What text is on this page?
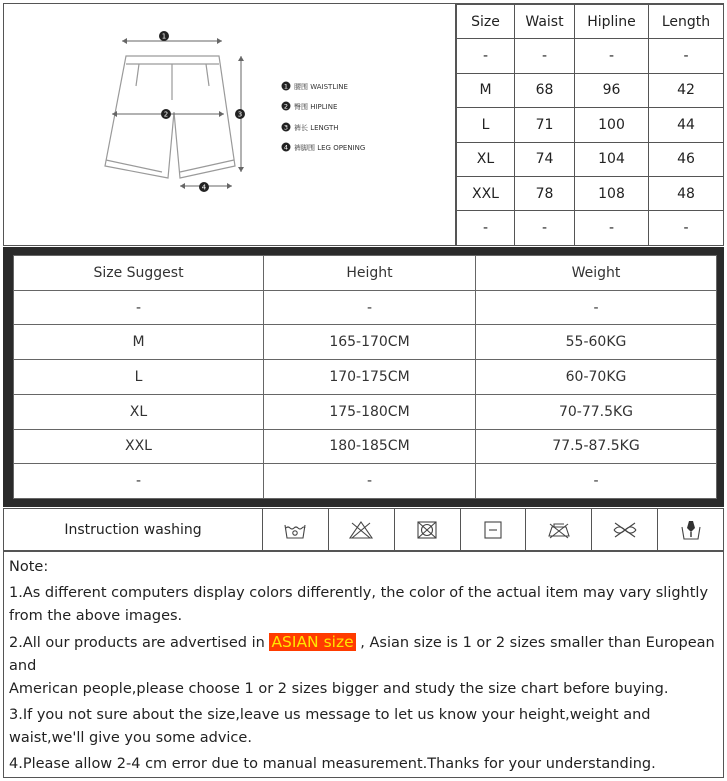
1
2	3
4
1 腰围 WAISTLINE
2 臀围 HIPLINE
3 裤长 LENGTH
4 裤脚围 LEG OPENING
Size	Waist	Hipline	Length
-	-	-	-
M	68	96	42
L	71	100	44
XL	74	104	46
XXL	78	108	48
-	-	-	-
Size Suggest	Height	Weight
-	-	-
M	165-170CM	55-60KG
L	170-175CM	60-70KG
XL	175-180CM	70-77.5KG
XXL	180-185CM	77.5-87.5KG
-	-	-
Instruction washing

Note:

1.As different computers display colors differently, the color of the actual item may vary slightly from the above images.

2.All our products are advertised in ASIAN size , Asian size is 1 or 2 sizes smaller than European and

American people,please choose 1 or 2 sizes bigger and study the size chart before buying.

3.If you not sure about the size,leave us message to let us know your height,weight and waist,we'll give you some advice.

4.Please allow 2-4 cm error due to manual measurement.Thanks for your understanding.
